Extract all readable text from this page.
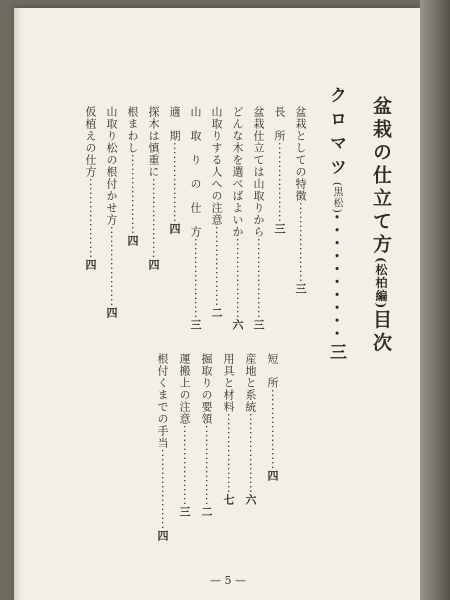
盆栽の仕立て方(松柏編)目次
クロマツ(黒松)··········三
盆栽としての特徴··················三
長　所··················三
盆栽仕立ては山取りから··················三
どんな木を選べばよいか··················六
山取りする人への注意··················二
山　取　り　の　仕　方··················三
適　期··················四
探木は慎重に··················四
根まわし··················四
山取り松の根付かせ方··················四
仮植えの仕方··················四
短　所··················四
産地と系統··················六
用具と材料··················七
掘取りの要領··················二
運搬上の注意··················三
根付くまでの手当··················四
— 5 —
